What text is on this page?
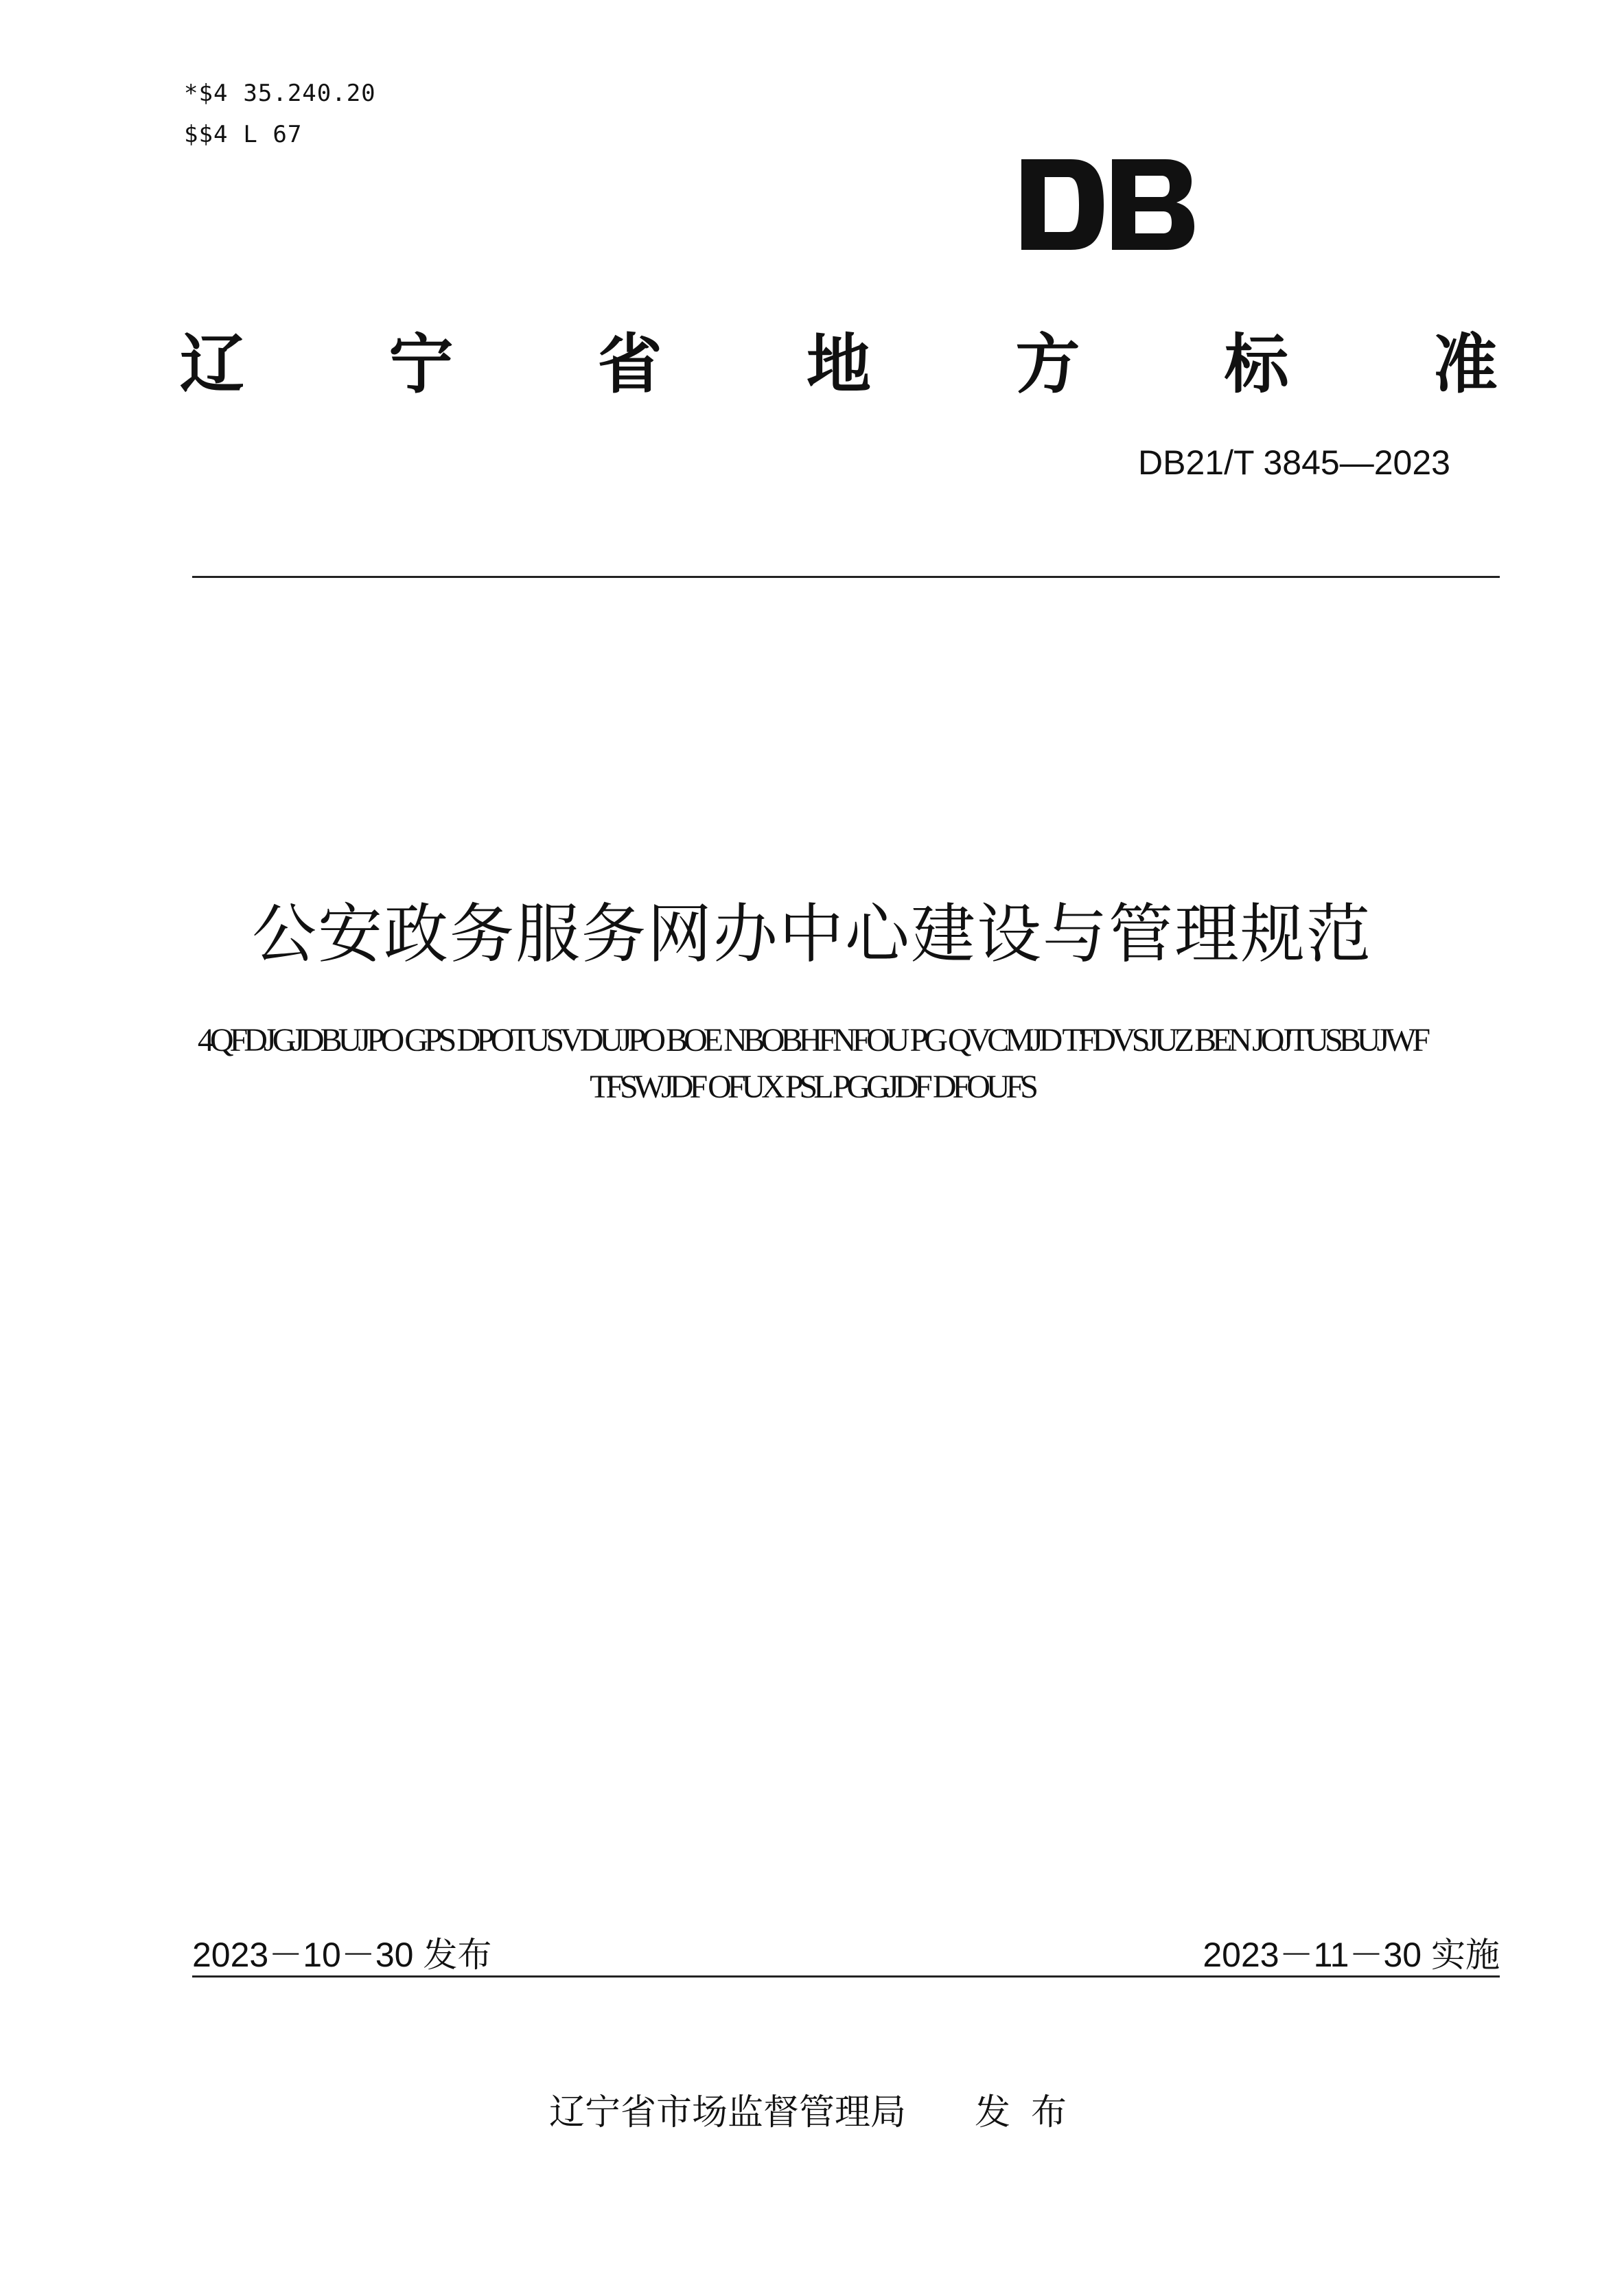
*$4 35.240.20
$$4 L 67
辽 宁 省 地 方 标 准
DB21/T 3845—2023
公安政务服务网办中心建设与管理规范
4QFDJGJDBUJPO GPS DPOTUSVDUJPO BOE NBOBHFNFOU PG QVCMJD TFDVSJUZ BEN JOJTUSBUJWF
TFSWJDF OFUX PSL PGGJDF DFOUFS
2023－10－30 发布	2023－11－30 实施
辽宁省市场监督管理局 发布
